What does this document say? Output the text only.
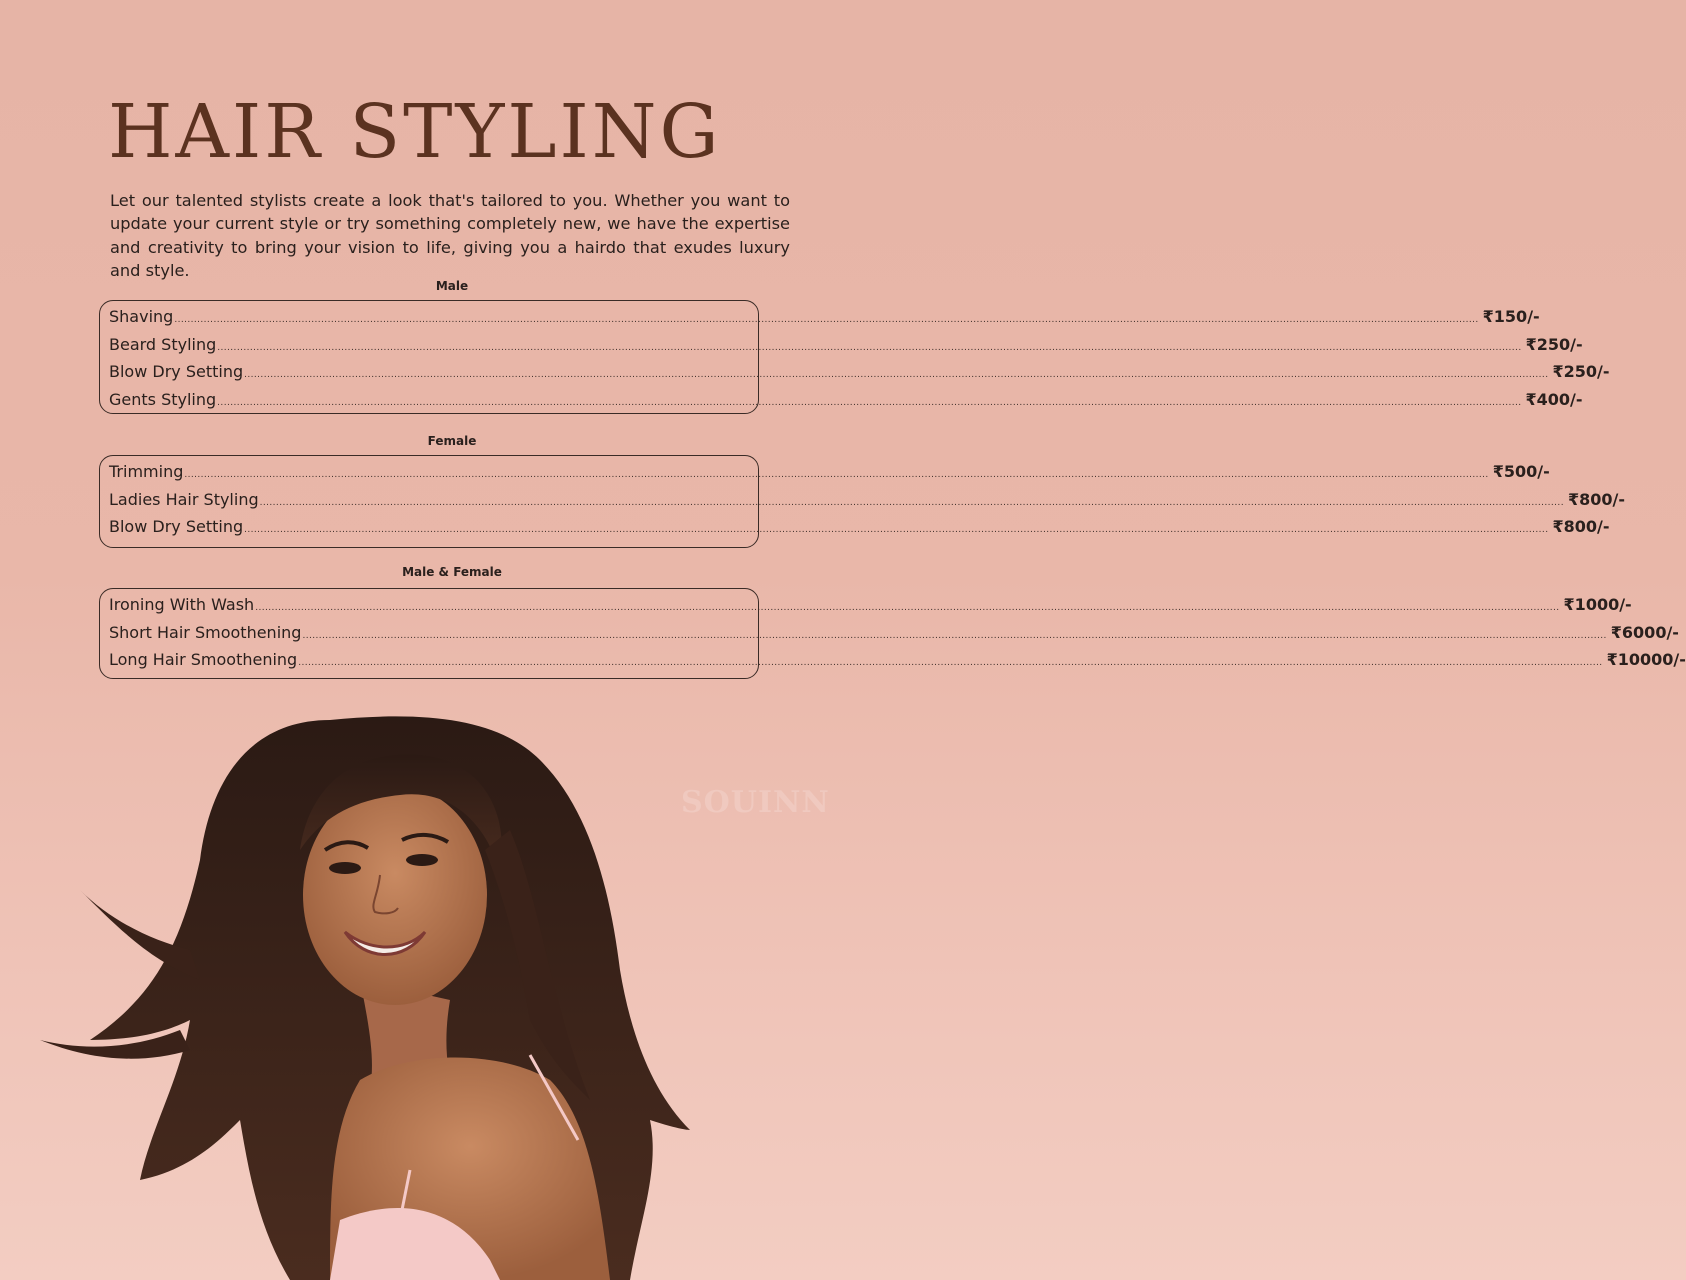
HAIR STYLING

Let our talented stylists create a look that's tailored to you. Whether you want to update your current style or try something completely new, we have the expertise and creativity to bring your vision to life, giving you a hairdo that exudes luxury and style.

Male
Shaving ................................................................................................................................................................................................................................................................................................................................................................................................................ ₹150/-
Beard Styling ................................................................................................................................................................................................................................................................................................................................................................................................................ ₹250/-
Blow Dry Setting ................................................................................................................................................................................................................................................................................................................................................................................................................ ₹250/-
Gents Styling ................................................................................................................................................................................................................................................................................................................................................................................................................ ₹400/-
Female
Trimming ................................................................................................................................................................................................................................................................................................................................................................................................................ ₹500/-
Ladies Hair Styling ................................................................................................................................................................................................................................................................................................................................................................................................................ ₹800/-
Blow Dry Setting ................................................................................................................................................................................................................................................................................................................................................................................................................ ₹800/-
Male & Female
Ironing With Wash ................................................................................................................................................................................................................................................................................................................................................................................................................ ₹1000/-
Short Hair Smoothening ................................................................................................................................................................................................................................................................................................................................................................................................................ ₹6000/-
Long Hair Smoothening ................................................................................................................................................................................................................................................................................................................................................................................................................ ₹10000/-
SOUINN
